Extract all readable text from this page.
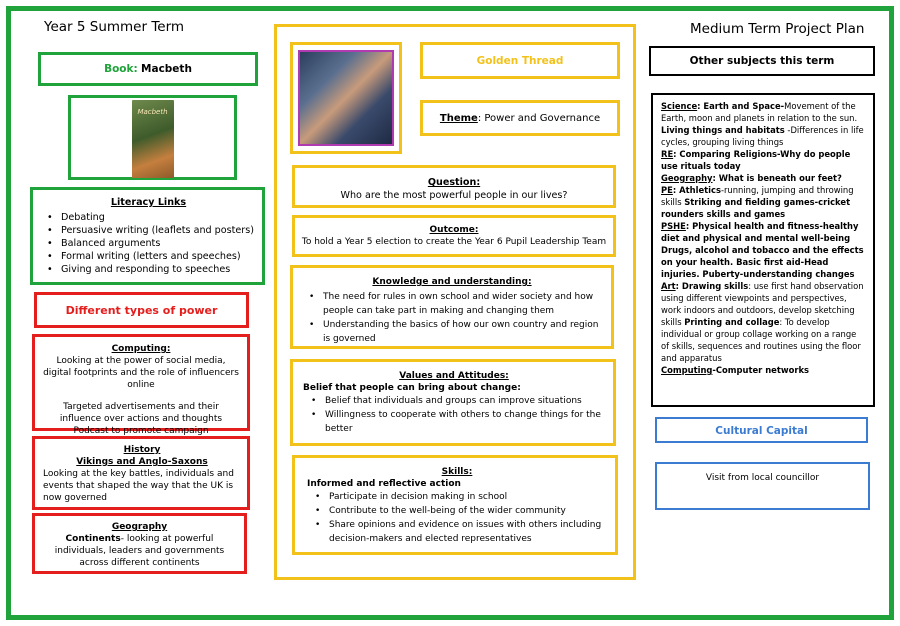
Year 5 Summer Term	Medium Term Project Plan
Book: Macbeth
Macbeth
Literacy Links
• Debating
• Persuasive writing (leaflets and posters)
• Balanced arguments
• Formal writing (letters and speeches)
• Giving and responding to speeches
Different types of power
Computing:
Looking at the power of social media, digital footprints and the role of influencers online
Targeted advertisements and their influence over actions and thoughts
Podcast to promote campaign
History
Vikings and Anglo-Saxons
Looking at the key battles, individuals and events that shaped the way that the UK is now governed
Geography
Continents- looking at powerful individuals, leaders and governments across different continents
Golden Thread
Theme: Power and Governance
Question:
Who are the most powerful people in our lives?
Outcome:
To hold a Year 5 election to create the Year 6 Pupil Leadership Team
Knowledge and understanding:
• The need for rules in own school and wider society and how people can take part in making and changing them
• Understanding the basics of how our own country and region is governed
Values and Attitudes:
Belief that people can bring about change:
• Belief that individuals and groups can improve situations
• Willingness to cooperate with others to change things for the better
Skills:
Informed and reflective action
• Participate in decision making in school
• Contribute to the well-being of the wider community
• Share opinions and evidence on issues with others including decision-makers and elected representatives
Other subjects this term
Science: Earth and Space-Movement of the Earth, moon and planets in relation to the sun. Living things and habitats -Differences in life cycles, grouping living things
RE: Comparing Religions-Why do people use rituals today
Geography: What is beneath our feet?
PE: Athletics-running, jumping and throwing skills Striking and fielding games-cricket rounders skills and games
PSHE: Physical health and fitness-healthy diet and physical and mental well-being Drugs, alcohol and tobacco and the effects on your health. Basic first aid-Head injuries. Puberty-understanding changes
Art: Drawing skills: use first hand observation using different viewpoints and perspectives, work indoors and outdoors, develop sketching skills Printing and collage: To develop individual or group collage working on a range of skills, sequences and routines using the floor and apparatus
Computing-Computer networks
Cultural Capital
Visit from local councillor
